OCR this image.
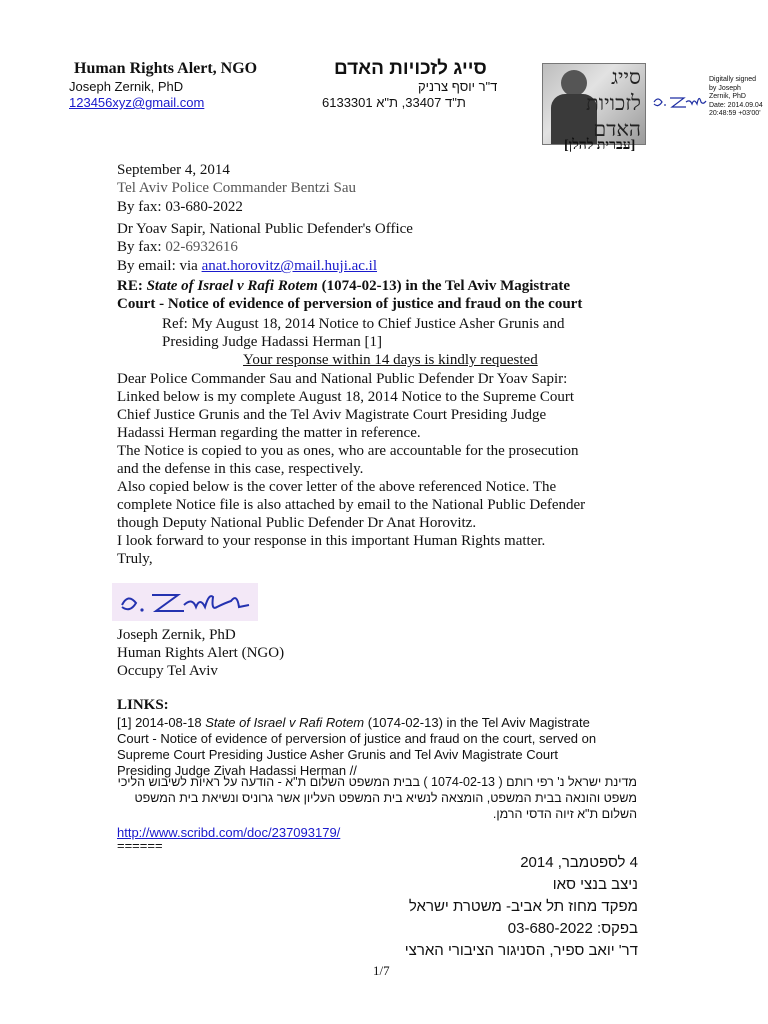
Human Rights Alert, NGO	סייג לזכויות האדם
Joseph Zernik, PhD
123456xyz@gmail.com
ד"ר יוסף צרניק
ת"ד 33407, ת"א 6133301
סייג
לזכויות
האדם
[עברית להלן]
Digitally signed
by Joseph
Zernik, PhD
Date: 2014.09.04
20:48:59 +03'00'
September 4, 2014
Tel Aviv Police Commander Bentzi Sau
By fax: 03-680-2022
Dr Yoav Sapir, National Public Defender's Office
By fax: 02-6932616
By email: via anat.horovitz@mail.huji.ac.il
RE: State of Israel v Rafi Rotem (1074-02-13) in the Tel Aviv Magistrate
Court - Notice of evidence of perversion of justice and fraud on the court
Ref: My August 18, 2014 Notice to Chief Justice Asher Grunis and
Presiding Judge Hadassi Herman [1]
Your response within 14 days is kindly requested
Dear Police Commander Sau and National Public Defender Dr Yoav Sapir:
Linked below is my complete August 18, 2014 Notice to the Supreme Court
Chief Justice Grunis and the Tel Aviv Magistrate Court Presiding Judge
Hadassi Herman regarding the matter in reference.
The Notice is copied to you as ones, who are accountable for the prosecution
and the defense in this case, respectively.
Also copied below is the cover letter of the above referenced Notice. The
complete Notice file is also attached by email to the National Public Defender
though Deputy National Public Defender Dr Anat Horovitz.
I look forward to your response in this important Human Rights matter.
Truly,
Joseph Zernik, PhD
Human Rights Alert (NGO)
Occupy Tel Aviv
LINKS:
[1] 2014-08-18 State of Israel v Rafi Rotem (1074-02-13) in the Tel Aviv Magistrate
Court - Notice of evidence of perversion of justice and fraud on the court, served on
Supreme Court Presiding Justice Asher Grunis and Tel Aviv Magistrate Court
Presiding Judge Zivah Hadassi Herman //
מדינת ישראל נ' רפי רותם ( 1074-02-13 ) בבית המשפט השלום ת"א - הודעה על ראיות לשיבוש הליכי משפט והונאה בבית המשפט, הומצאה לנשיא בית המשפט העליון אשר גרוניס ונשיאת בית המשפט השלום ת"א זיוה הדסי הרמן.
http://www.scribd.com/doc/237093179/
======
4 לספטמבר, 2014
ניצב בנצי סאו
מפקד מחוז תל אביב- משטרת ישראל
בפקס: 03-680-2022
דר' יואב ספיר, הסניגור הציבורי הארצי
1/7
